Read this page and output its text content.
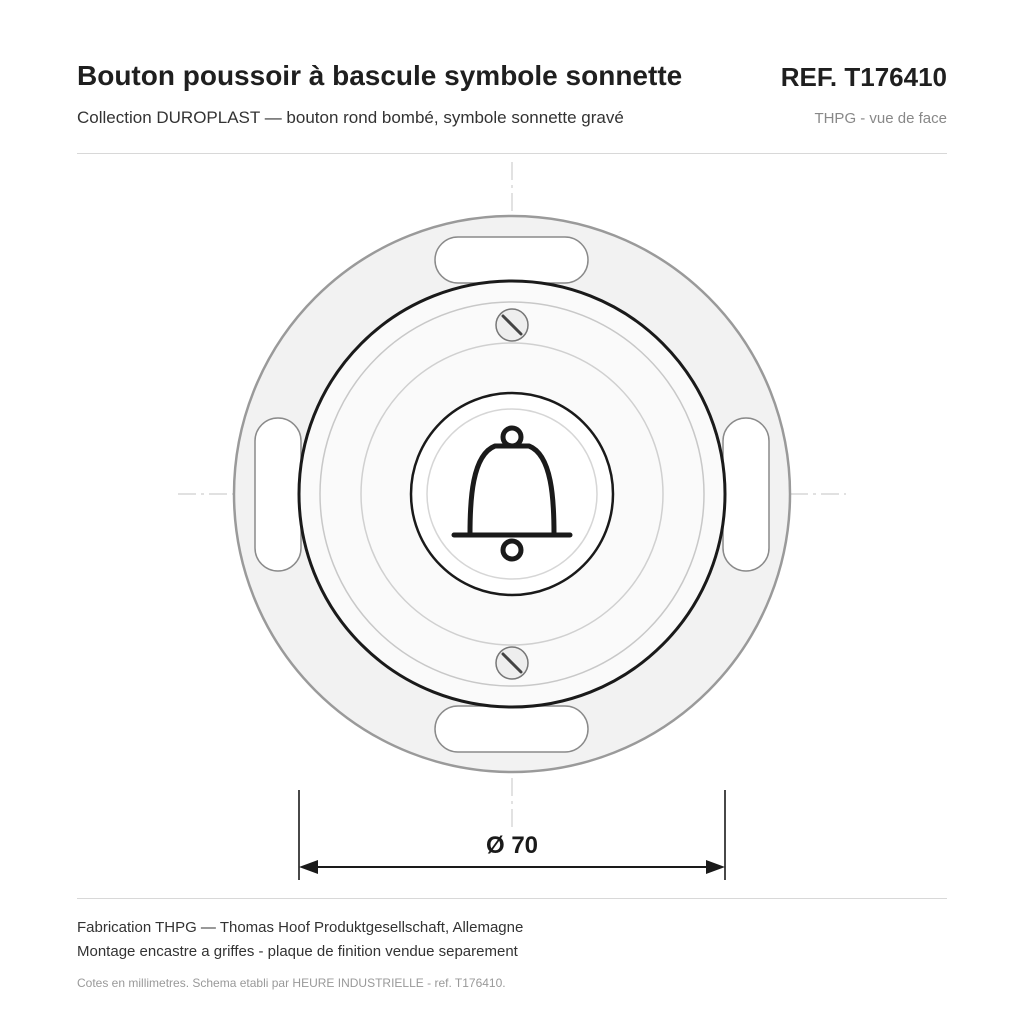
Bouton poussoir à bascule symbole sonnette	REF. T176410
Collection DUROPLAST — bouton rond bombé, symbole sonnette gravé	THPG - vue de face
Ø 70
Fabrication THPG — Thomas Hoof Produktgesellschaft, Allemagne
Montage encastre a griffes - plaque de finition vendue separement
Cotes en millimetres. Schema etabli par HEURE INDUSTRIELLE - ref. T176410.
